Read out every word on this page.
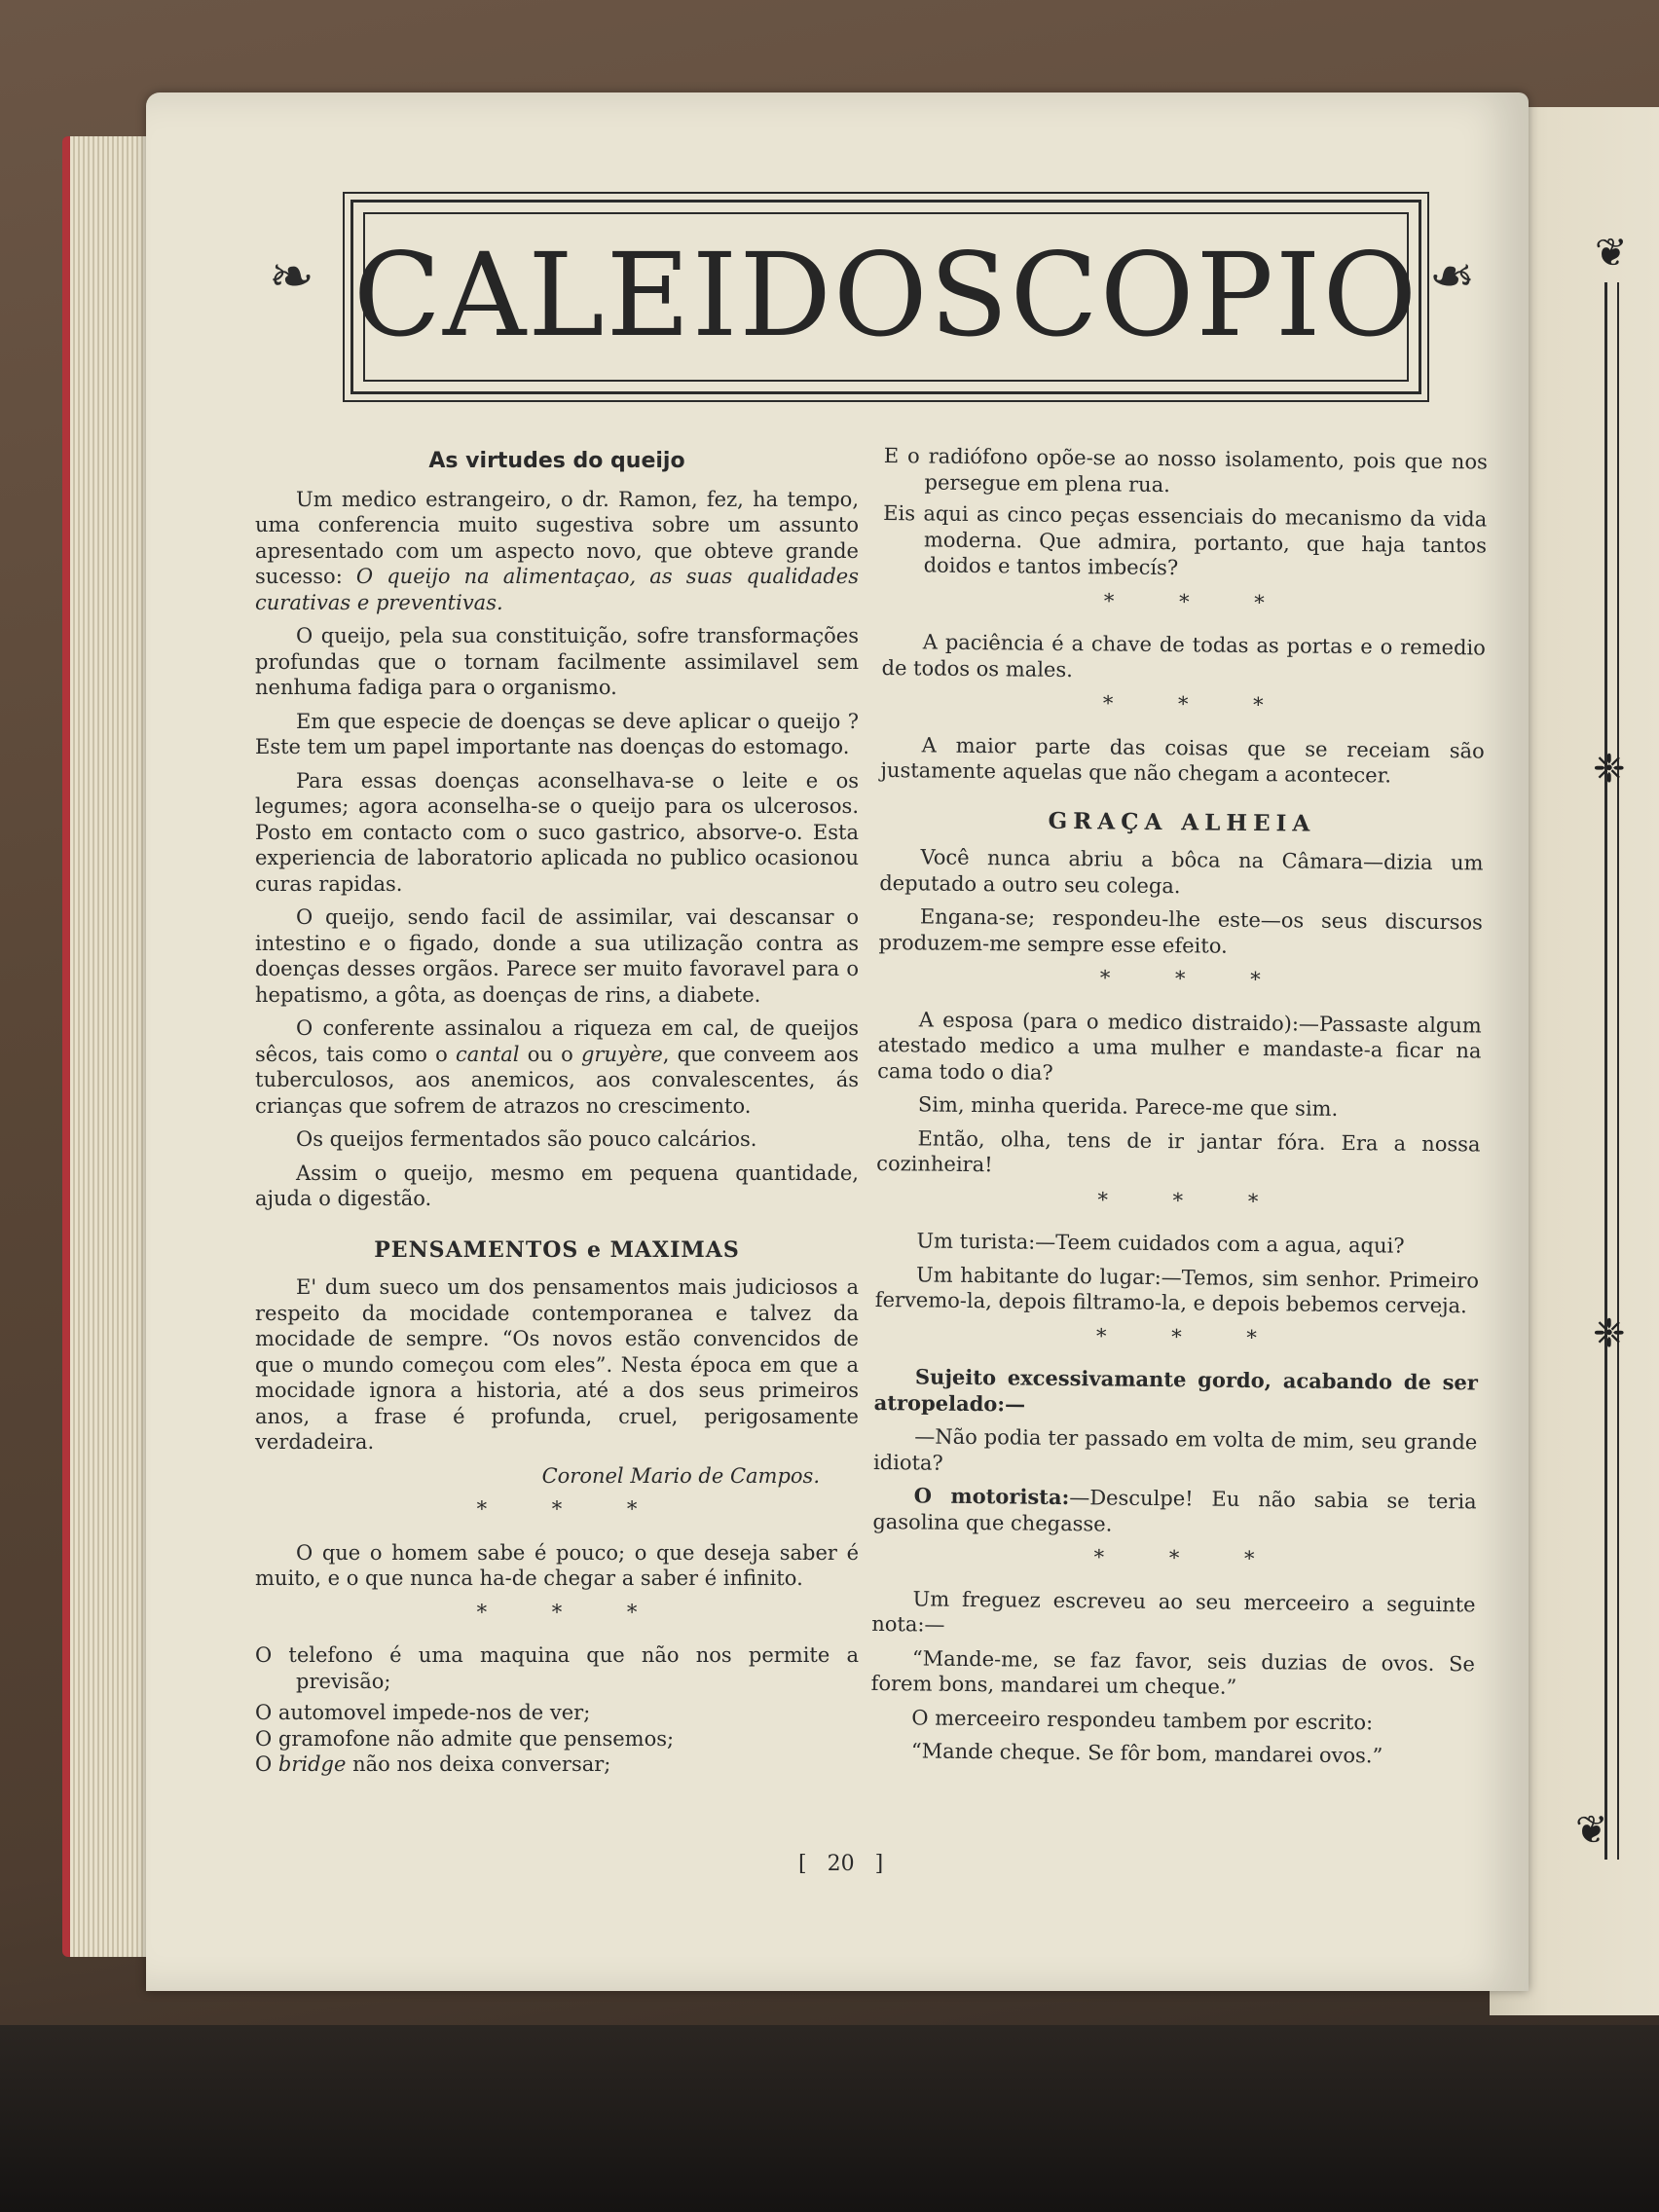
❦
❈
❈
❦
❧	❧
CALEIDOSCOPIO
As virtudes do queijo

Um medico estrangeiro, o dr. Ramon, fez, ha tempo, uma conferencia muito sugestiva sobre um assunto apresentado com um aspecto novo, que obteve grande sucesso: O queijo na alimentaçao, as suas qualidades curativas e preventivas.

O queijo, pela sua constituição, sofre transformações profundas que o tornam facilmente assimilavel sem nenhuma fadiga para o organismo.

Em que especie de doenças se deve aplicar o queijo ? Este tem um papel importante nas doenças do estomago.

Para essas doenças aconselhava-se o leite e os legumes; agora aconselha-se o queijo para os ulcerosos. Posto em contacto com o suco gastrico, absorve-o. Esta experiencia de laboratorio aplicada no publico ocasionou curas rapidas.

O queijo, sendo facil de assimilar, vai descansar o intestino e o figado, donde a sua utilização contra as doenças desses orgãos. Parece ser muito favoravel para o hepatismo, a gôta, as doenças de rins, a diabete.

O conferente assinalou a riqueza em cal, de queijos sêcos, tais como o cantal ou o gruyère, que conveem aos tuberculosos, aos anemicos, aos convalescentes, ás crianças que sofrem de atrazos no crescimento.

Os queijos fermentados são pouco calcários.

Assim o queijo, mesmo em pequena quantidade, ajuda o digestão.

PENSAMENTOS e MAXIMAS

E' dum sueco um dos pensamentos mais judiciosos a respeito da mocidade contemporanea e talvez da mocidade de sempre. “Os novos estão convencidos de que o mundo começou com eles”. Nesta época em que a mocidade ignora a historia, até a dos seus primeiros anos, a frase é profunda, cruel, perigosamente verdadeira.

Coronel Mario de Campos.
* * *

O que o homem sabe é pouco; o que deseja saber é muito, e o que nunca ha-de chegar a saber é infinito.

* * *

O telefono é uma maquina que não nos permite a previsão;

O automovel impede-nos de ver;

O gramofone não admite que pensemos;

O bridge não nos deixa conversar;

E o radiófono opõe-se ao nosso isolamento, pois que nos persegue em plena rua.

Eis aqui as cinco peças essenciais do mecanismo da vida moderna. Que admira, portanto, que haja tantos doidos e tantos imbecís?

* * *

A paciência é a chave de todas as portas e o remedio de todos os males.

* * *

A maior parte das coisas que se receiam são justamente aquelas que não chegam a acontecer.

GRAÇA ALHEIA

Você nunca abriu a bôca na Câmara—dizia um deputado a outro seu colega.

Engana-se; respondeu-lhe este—os seus discursos produzem-me sempre esse efeito.

* * *

A esposa (para o medico distraido):—Passaste algum atestado medico a uma mulher e mandaste-a ficar na cama todo o dia?

Sim, minha querida. Parece-me que sim.

Então, olha, tens de ir jantar fóra. Era a nossa cozinheira!

* * *

Um turista:—Teem cuidados com a agua, aqui?

Um habitante do lugar:—Temos, sim senhor. Primeiro fervemo-la, depois filtramo-la, e depois bebemos cerveja.

* * *

Sujeito excessivamante gordo, acabando de ser atropelado:—

—Não podia ter passado em volta de mim, seu grande idiota?

O motorista:—Desculpe! Eu não sabia se teria gasolina que chegasse.

* * *

Um freguez escreveu ao seu merceeiro a seguinte nota:—

“Mande-me, se faz favor, seis duzias de ovos. Se forem bons, mandarei um cheque.”

O merceeiro respondeu tambem por escrito:

“Mande cheque. Se fôr bom, mandarei ovos.”

[ 20 ]
